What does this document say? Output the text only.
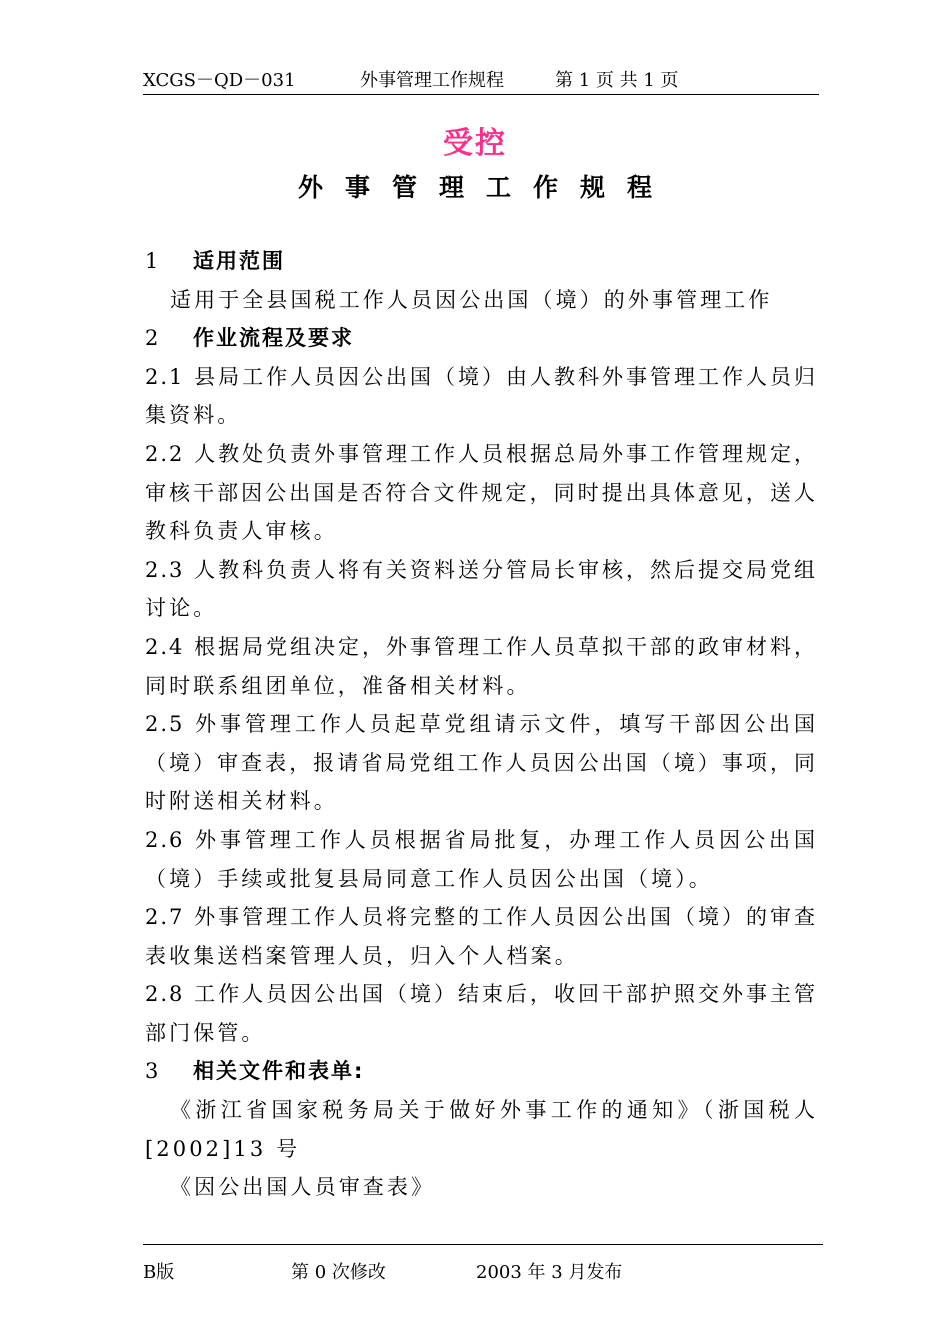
XCGS－QD－031	外事管理工作规程	第 1 页 共 1 页
受控
外事管理工作规程
1 适用范围
适用于全县国税工作人员因公出国（境）的外事管理工作
2 作业流程及要求
2.1 县局工作人员因公出国（境）由人教科外事管理工作人员归
集资料。
2.2 人教处负责外事管理工作人员根据总局外事工作管理规定，
审核干部因公出国是否符合文件规定，同时提出具体意见，送人
教科负责人审核。
2.3 人教科负责人将有关资料送分管局长审核，然后提交局党组
讨论。
2.4 根据局党组决定，外事管理工作人员草拟干部的政审材料，
同时联系组团单位，准备相关材料。
2.5 外事管理工作人员起草党组请示文件，填写干部因公出国
（境）审查表，报请省局党组工作人员因公出国（境）事项，同
时附送相关材料。
2.6 外事管理工作人员根据省局批复，办理工作人员因公出国
（境）手续或批复县局同意工作人员因公出国（境）。
2.7 外事管理工作人员将完整的工作人员因公出国（境）的审查
表收集送档案管理人员，归入个人档案。
2.8 工作人员因公出国（境）结束后，收回干部护照交外事主管
部门保管。
3 相关文件和表单:
《浙江省国家税务局关于做好外事工作的通知》（浙国税人
[2002]13 号
《因公出国人员审查表》
B版	第 0 次修改	2003 年 3 月发布
